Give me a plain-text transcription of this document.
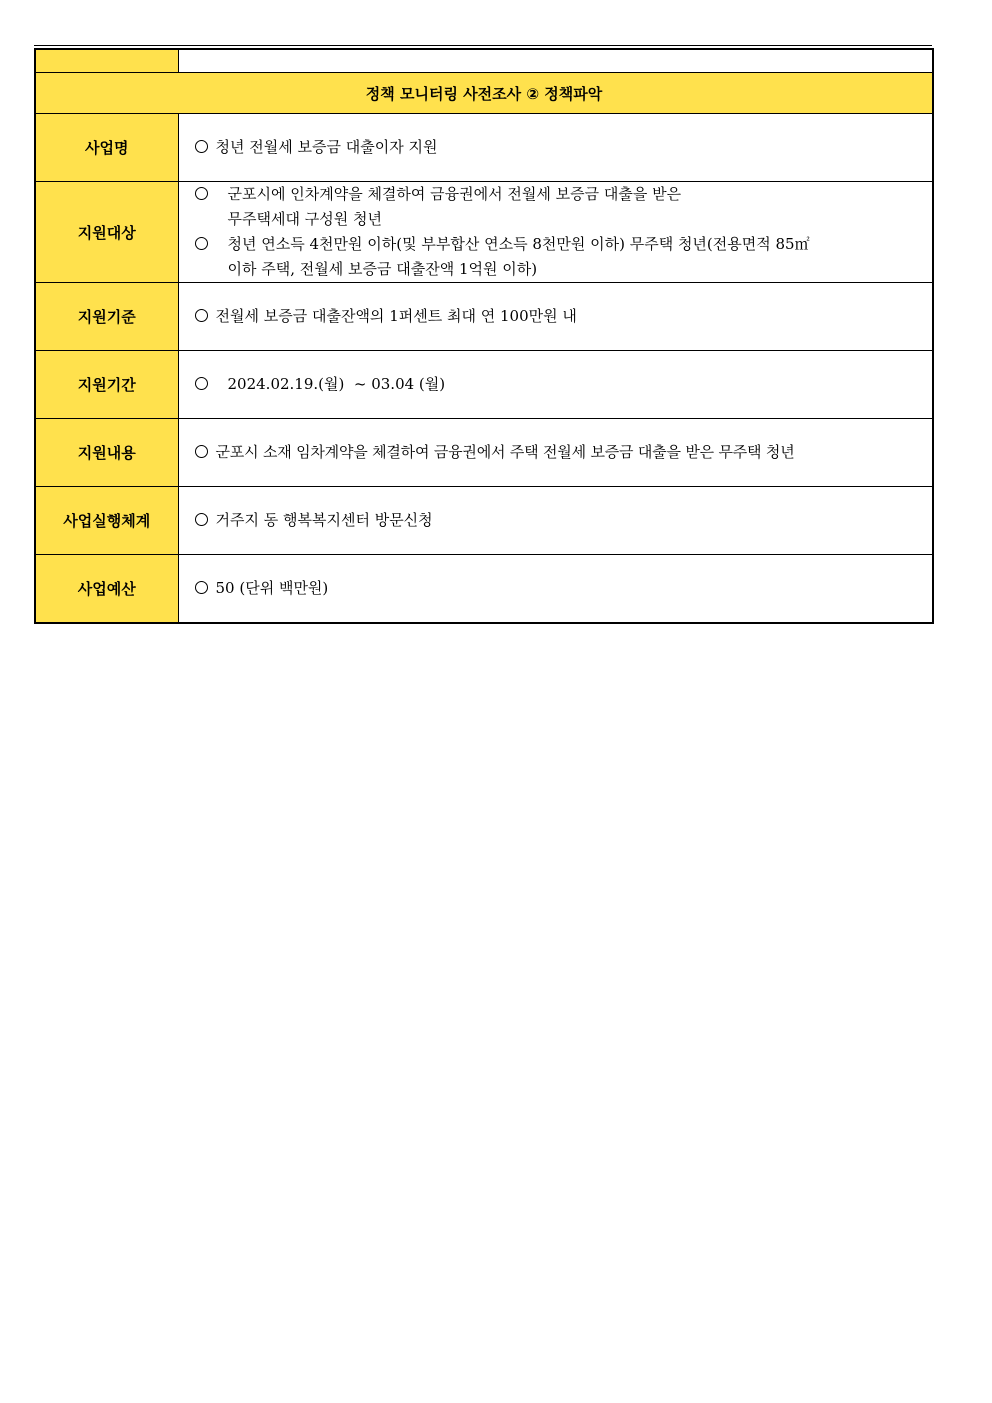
정책 모니터링 사전조사 ② 정책파악	
사업명	청년 전월세 보증금 대출이자 지원

지원대상	군포시에 인차계약을 체결하여 금융권에서 전월세 보증금 대출을 받은
무주택세대 구성원 청년
청년 연소득 4천만원 이하(및 부부합산 연소득 8천만원 이하) 무주택 청년(전용면적 85㎡
이하 주택, 전월세 보증금 대출잔액 1억원 이하)

지원기준	전월세 보증금 대출잔액의 1퍼센트 최대 연 100만원 내

지원기간	2024.02.19.(월)  ~ 03.04 (월)

지원내용	군포시 소재 임차계약을 체결하여 금융권에서 주택 전월세 보증금 대출을 받은 무주택 청년

사업실행체계	거주지 동 행복복지센터 방문신청

사업예산	50 (단위 백만원)
